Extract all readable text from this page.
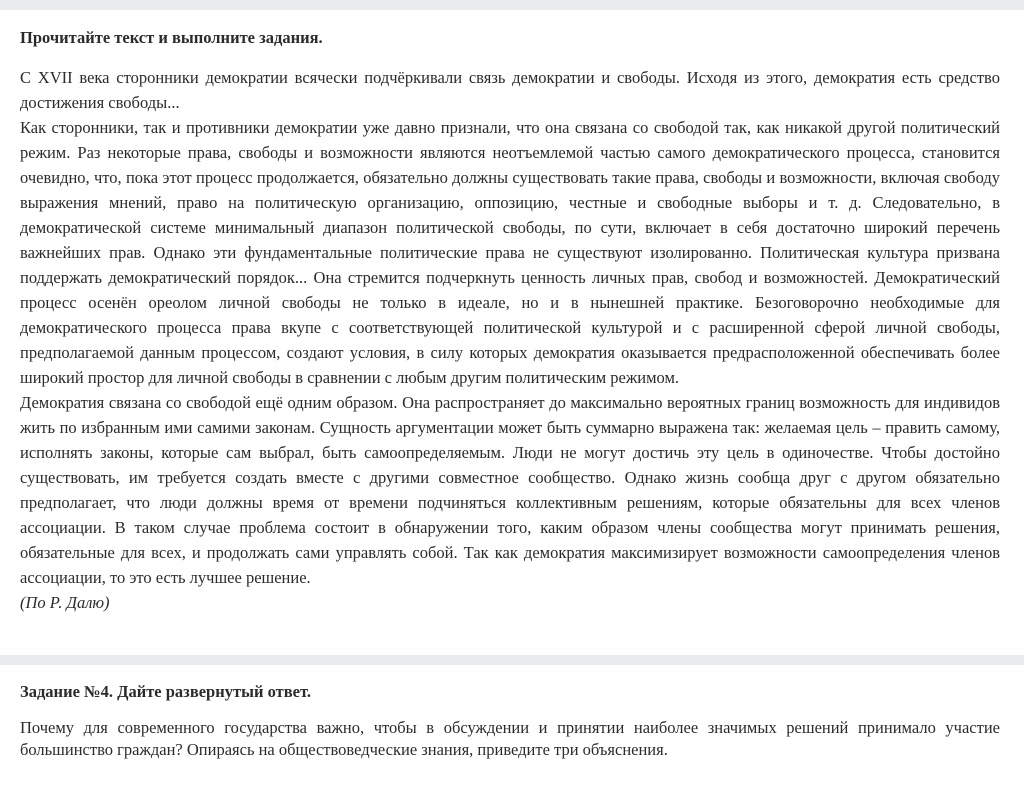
Прочитайте текст и выполните задания.

С XVII века сторонники демократии всячески подчёркивали связь демократии и свободы. Исходя из этого, демократия есть средство достижения свободы...

Как сторонники, так и противники демократии уже давно признали, что она связана со свободой так, как никакой другой политический режим. Раз некоторые права, свободы и возможности являются неотъемлемой частью самого демократического процесса, становится очевидно, что, пока этот процесс продолжается, обязательно должны существовать такие права, свободы и возможности, включая свободу выражения мнений, право на политическую организацию, оппозицию, честные и свободные выборы и т. д. Следовательно, в демократической системе минимальный диапазон политической свободы, по сути, включает в себя достаточно широкий перечень важнейших прав. Однако эти фундаментальные политические права не существуют изолированно. Политическая культура призвана поддержать демократический порядок... Она стремится подчеркнуть ценность личных прав, свобод и возможностей. Демократический процесс осенён ореолом личной свободы не только в идеале, но и в нынешней практике. Безоговорочно необходимые для демократического процесса права вкупе с соответствующей политической культурой и с расширенной сферой личной свободы, предполагаемой данным процессом, создают условия, в силу которых демократия оказывается предрасположенной обеспечивать более широкий простор для личной свободы в сравнении с любым другим политическим режимом.

Демократия связана со свободой ещё одним образом. Она распространяет до максимально вероятных границ возможность для индивидов жить по избранным ими самими законам. Сущность аргументации может быть суммарно выражена так: желаемая цель – править самому, исполнять законы, которые сам выбрал, быть самоопределяемым. Люди не могут достичь эту цель в одиночестве. Чтобы достойно существовать, им требуется создать вместе с другими совместное сообщество. Однако жизнь сообща друг с другом обязательно предполагает, что люди должны время от времени подчиняться коллективным решениям, которые обязательны для всех членов ассоциации. В таком случае проблема состоит в обнаружении того, каким образом члены сообщества могут принимать решения, обязательные для всех, и продолжать сами управлять собой. Так как демократия максимизирует возможности самоопределения членов ассоциации, то это есть лучшее решение.

(По Р. Далю)

Задание №4. Дайте развернутый ответ.

Почему для современного государства важно, чтобы в обсуждении и принятии наиболее значимых решений принимало участие большинство граждан? Опираясь на обществоведческие знания, приведите три объяснения.
